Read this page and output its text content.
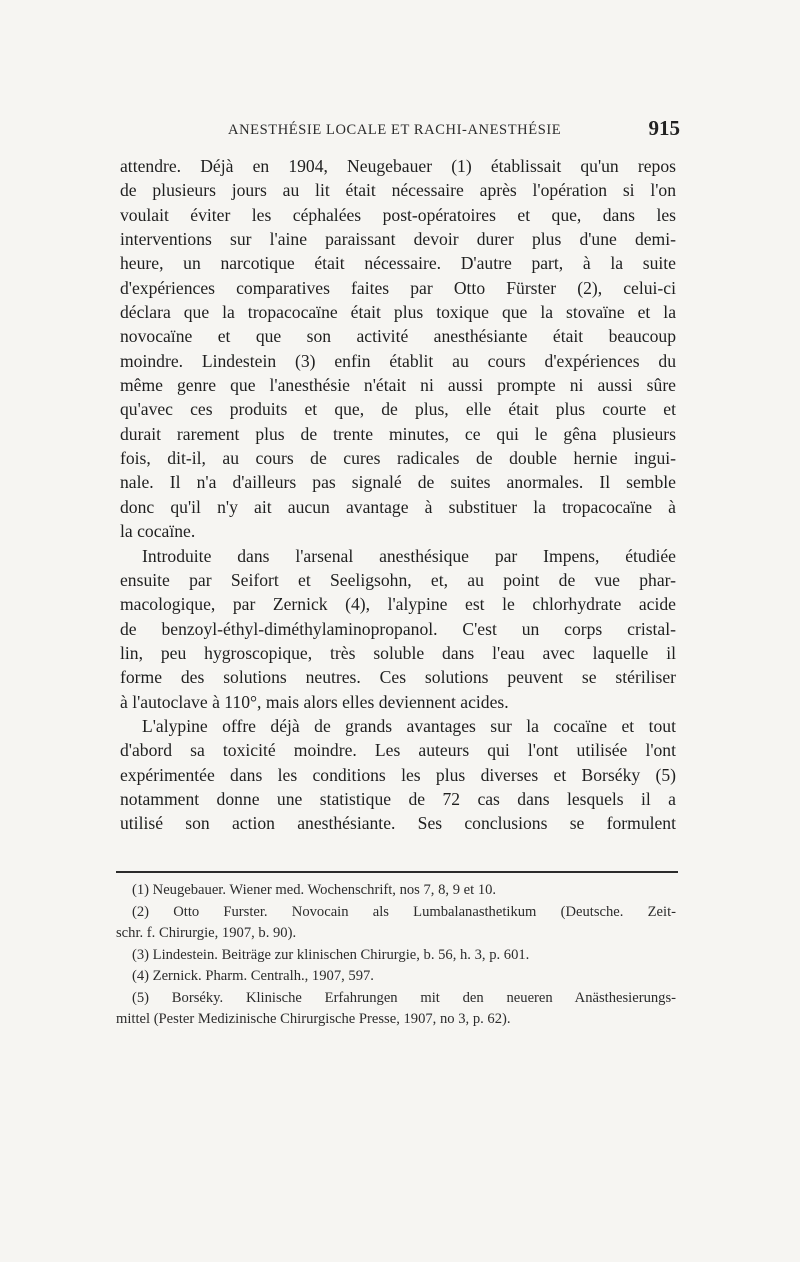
ANESTHÉSIE LOCALE ET RACHI-ANESTHÉSIE	915
attendre. Déjà en 1904, Neugebauer (1) établissait qu'un repos
de plusieurs jours au lit était nécessaire après l'opération si l'on
voulait éviter les céphalées post-opératoires et que, dans les
interventions sur l'aine paraissant devoir durer plus d'une demi-
heure, un narcotique était nécessaire. D'autre part, à la suite
d'expériences comparatives faites par Otto Fürster (2), celui-ci
déclara que la tropacocaïne était plus toxique que la stovaïne et la
novocaïne et que son activité anesthésiante était beaucoup
moindre. Lindestein (3) enfin établit au cours d'expériences du
même genre que l'anesthésie n'était ni aussi prompte ni aussi sûre
qu'avec ces produits et que, de plus, elle était plus courte et
durait rarement plus de trente minutes, ce qui le gêna plusieurs
fois, dit-il, au cours de cures radicales de double hernie ingui-
nale. Il n'a d'ailleurs pas signalé de suites anormales. Il semble
donc qu'il n'y ait aucun avantage à substituer la tropacocaïne à
la cocaïne.
Introduite dans l'arsenal anesthésique par Impens, étudiée
ensuite par Seifort et Seeligsohn, et, au point de vue phar-
macologique, par Zernick (4), l'alypine est le chlorhydrate acide
de benzoyl-éthyl-diméthylaminopropanol. C'est un corps cristal-
lin, peu hygroscopique, très soluble dans l'eau avec laquelle il
forme des solutions neutres. Ces solutions peuvent se stériliser
à l'autoclave à 110°, mais alors elles deviennent acides.
L'alypine offre déjà de grands avantages sur la cocaïne et tout
d'abord sa toxicité moindre. Les auteurs qui l'ont utilisée l'ont
expérimentée dans les conditions les plus diverses et Borséky (5)
notamment donne une statistique de 72 cas dans lesquels il a
utilisé son action anesthésiante. Ses conclusions se formulent
(1) Neugebauer. Wiener med. Wochenschrift, nos 7, 8, 9 et 10.
(2) Otto Furster. Novocain als Lumbalanasthetikum (Deutsche. Zeit-
schr. f. Chirurgie, 1907, b. 90).
(3) Lindestein. Beiträge zur klinischen Chirurgie, b. 56, h. 3, p. 601.
(4) Zernick. Pharm. Centralh., 1907, 597.
(5) Borséky. Klinische Erfahrungen mit den neueren Anästhesierungs-
mittel (Pester Medizinische Chirurgische Presse, 1907, no 3, p. 62).
